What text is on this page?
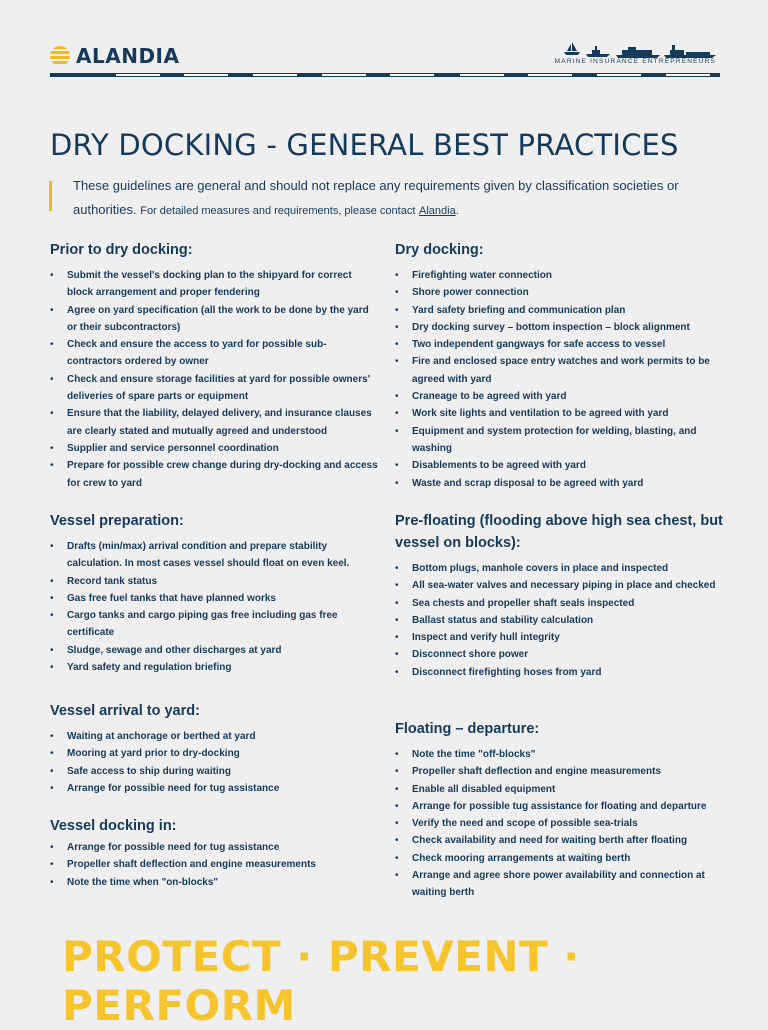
ALANDIA	MARINE INSURANCE ENTREPRENEURS
DRY DOCKING - GENERAL BEST PRACTICES
These guidelines are general and should not replace any requirements given by classification societies or authorities. For detailed measures and requirements, please contact Alandia.
Prior to dry docking:
• Submit the vessel's docking plan to the shipyard for correct block arrangement and proper fendering
• Agree on yard specification (all the work to be done by the yard or their subcontractors)
• Check and ensure the access to yard for possible sub-contractors ordered by owner
• Check and ensure storage facilities at yard for possible owners' deliveries of spare parts or equipment
• Ensure that the liability, delayed delivery, and insurance clauses are clearly stated and mutually agreed and understood
• Supplier and service personnel coordination
• Prepare for possible crew change during dry-docking and access for crew to yard
Vessel preparation:
• Drafts (min/max) arrival condition and prepare stability calculation. In most cases vessel should float on even keel.
• Record tank status
• Gas free fuel tanks that have planned works
• Cargo tanks and cargo piping gas free including gas free certificate
• Sludge, sewage and other discharges at yard
• Yard safety and regulation briefing
Vessel arrival to yard:
• Waiting at anchorage or berthed at yard
• Mooring at yard prior to dry-docking
• Safe access to ship during waiting
• Arrange for possible need for tug assistance
Vessel docking in:
• Arrange for possible need for tug assistance
• Propeller shaft deflection and engine measurements
• Note the time when "on-blocks"
Dry docking:
• Firefighting water connection
• Shore power connection
• Yard safety briefing and communication plan
• Dry docking survey – bottom inspection – block alignment
• Two independent gangways for safe access to vessel
• Fire and enclosed space entry watches and work permits to be agreed with yard
• Craneage to be agreed with yard
• Work site lights and ventilation to be agreed with yard
• Equipment and system protection for welding, blasting, and washing
• Disablements to be agreed with yard
• Waste and scrap disposal to be agreed with yard
Pre-floating (flooding above high sea chest, but vessel on blocks):
• Bottom plugs, manhole covers in place and inspected
• All sea-water valves and necessary piping in place and checked
• Sea chests and propeller shaft seals inspected
• Ballast status and stability calculation
• Inspect and verify hull integrity
• Disconnect shore power
• Disconnect firefighting hoses from yard
Floating – departure:
• Note the time "off-blocks"
• Propeller shaft deflection and engine measurements
• Enable all disabled equipment
• Arrange for possible tug assistance for floating and departure
• Verify the need and scope of possible sea-trials
• Check availability and need for waiting berth after floating
• Check mooring arrangements at waiting berth
• Arrange and agree shore power availability and connection at waiting berth
PROTECT · PREVENT · PERFORM
